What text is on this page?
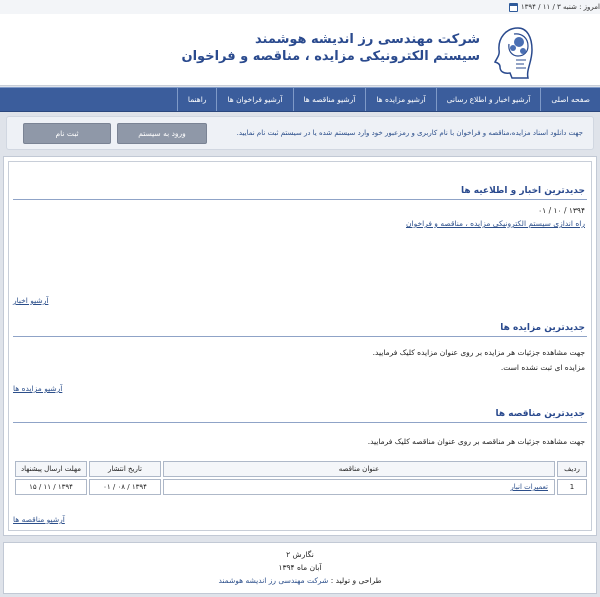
امروز : شنبه ۳ / ۱۱ / ۱۳۹۴
شرکت مهندسی رز اندیشه هوشمند
سیستم الکترونیکی مزایده ، مناقصه و فراخوان
صفحه اصلی
آرشیو اخبار و اطلاع رسانی
آرشیو مزایده ها
آرشیو مناقصه ها
آرشیو فراخوان ها
راهنما
جهت دانلود اسناد مزایده،مناقصه و فراخوان با نام کاربری و رمزعبور خود وارد سیستم شده یا در سیستم ثبت نام نمایید.
ورود به سیستم
ثبت نام
جدیدترین اخبار و اطلاعیه ها
۱۳۹۴ / ۱۰ / ۰۱
راه اندازی سیستم الکترونیکی مزایده ، مناقصه و فراخوان
آرشیو اخبار
جدیدترین مزایده ها
جهت مشاهده جزئیات هر مزایده بر روی عنوان مزایده کلیک فرمایید.
مزایده ای ثبت نشده است.
آرشیو مزایده ها
جدیدترین مناقصه ها
جهت مشاهده جزئیات هر مناقصه بر روی عنوان مناقصه کلیک فرمایید.
ردیف	عنوان مناقصه	تاریخ انتشار	مهلت ارسال پیشنهاد
1	تعمیرات انبار	۱۳۹۴ / ۰۸ / ۰۱	۱۳۹۴ / ۱۱ / ۱۵
آرشیو مناقصه ها
نگارش ۲
آبان ماه ۱۳۹۴
طراحی و تولید : شرکت مهندسی رز اندیشه هوشمند
